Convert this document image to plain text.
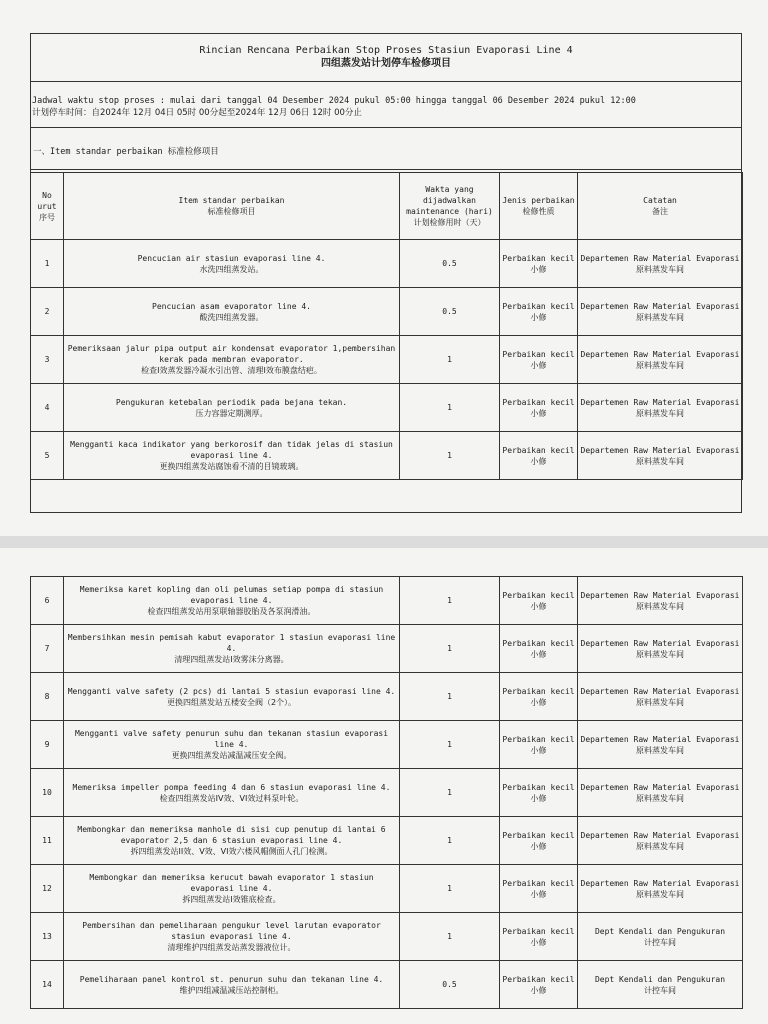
Rincian Rencana Perbaikan Stop Proses Stasiun Evaporasi Line 4
四组蒸发站计划停车检修项目
Jadwal waktu stop proses : mulai dari tanggal 04 Desember 2024 pukul 05:00 hingga tanggal 06 Desember 2024 pukul 12:00
计划停车时间：自2024年 12月 04日 05时 00分起至2024年 12月 06日 12时 00分止
一、Item standar perbaikan 标准检修项目
No urut
序号	Item standar perbaikan
标准检修项目	Wakta yang dijadwalkan maintenance (hari)
计划检修用时（天）	Jenis perbaikan
检修性质	Catatan
备注

1	Pencucian air stasiun evaporasi line 4.
水洗四组蒸发站。	0.5	Perbaikan kecil
小修	Departemen Raw Material Evaporasi
原料蒸发车间

2	Pencucian asam evaporator line 4.
酸洗四组蒸发器。	0.5	Perbaikan kecil
小修	Departemen Raw Material Evaporasi
原料蒸发车间

3	Pemeriksaan jalur pipa output air kondensat evaporator 1,pembersihan kerak pada membran evaporator.
检查I效蒸发器冷凝水引出管、清理I效布膜盘结疤。	1	Perbaikan kecil
小修	Departemen Raw Material Evaporasi
原料蒸发车间

4	Pengukuran ketebalan periodik pada bejana tekan.
压力容器定期测厚。	1	Perbaikan kecil
小修	Departemen Raw Material Evaporasi
原料蒸发车间

5	Mengganti kaca indikator yang berkorosif dan tidak jelas di stasiun evaporasi line 4.
更换四组蒸发站腐蚀看不清的目镜玻璃。	1	Perbaikan kecil
小修	Departemen Raw Material Evaporasi
原料蒸发车间
6	Memeriksa karet kopling dan oli pelumas setiap pompa di stasiun evaporasi line 4.
检查四组蒸发站用泵联轴器胶胎及各泵润滑油。	1	Perbaikan kecil
小修	Departemen Raw Material Evaporasi
原料蒸发车间

7	Membersihkan mesin pemisah kabut evaporator 1 stasiun evaporasi line 4.
清理四组蒸发站I效雾沫分离器。	1	Perbaikan kecil
小修	Departemen Raw Material Evaporasi
原料蒸发车间

8	Mengganti valve safety (2 pcs) di lantai 5 stasiun evaporasi line 4.
更换四组蒸发站五楼安全阀（2个）。	1	Perbaikan kecil
小修	Departemen Raw Material Evaporasi
原料蒸发车间

9	Mengganti valve safety penurun suhu dan tekanan stasiun evaporasi line 4.
更换四组蒸发站减温减压安全阀。	1	Perbaikan kecil
小修	Departemen Raw Material Evaporasi
原料蒸发车间

10	Memeriksa impeller pompa feeding 4 dan 6 stasiun evaporasi line 4.
检查四组蒸发站IV效、VI效过料泵叶轮。	1	Perbaikan kecil
小修	Departemen Raw Material Evaporasi
原料蒸发车间

11	Membongkar dan memeriksa manhole di sisi cup penutup di lantai 6 evaporator 2,5 dan 6 stasiun evaporasi line 4.
拆四组蒸发站II效、V效、VI效六楼风帽侧面人孔门检测。	1	Perbaikan kecil
小修	Departemen Raw Material Evaporasi
原料蒸发车间

12	Membongkar dan memeriksa kerucut bawah evaporator 1 stasiun evaporasi line 4.
拆四组蒸发站I效锥底检查。	1	Perbaikan kecil
小修	Departemen Raw Material Evaporasi
原料蒸发车间

13	Pembersihan dan pemeliharaan pengukur level larutan evaporator stasiun evaporasi line 4.
清理维护四组蒸发站蒸发器液位计。	1	Perbaikan kecil
小修	Dept Kendali dan Pengukuran
计控车间

14	Pemeliharaan panel kontrol st. penurun suhu dan tekanan line 4.
维护四组减温减压站控制柜。	0.5	Perbaikan kecil
小修	Dept Kendali dan Pengukuran
计控车间
